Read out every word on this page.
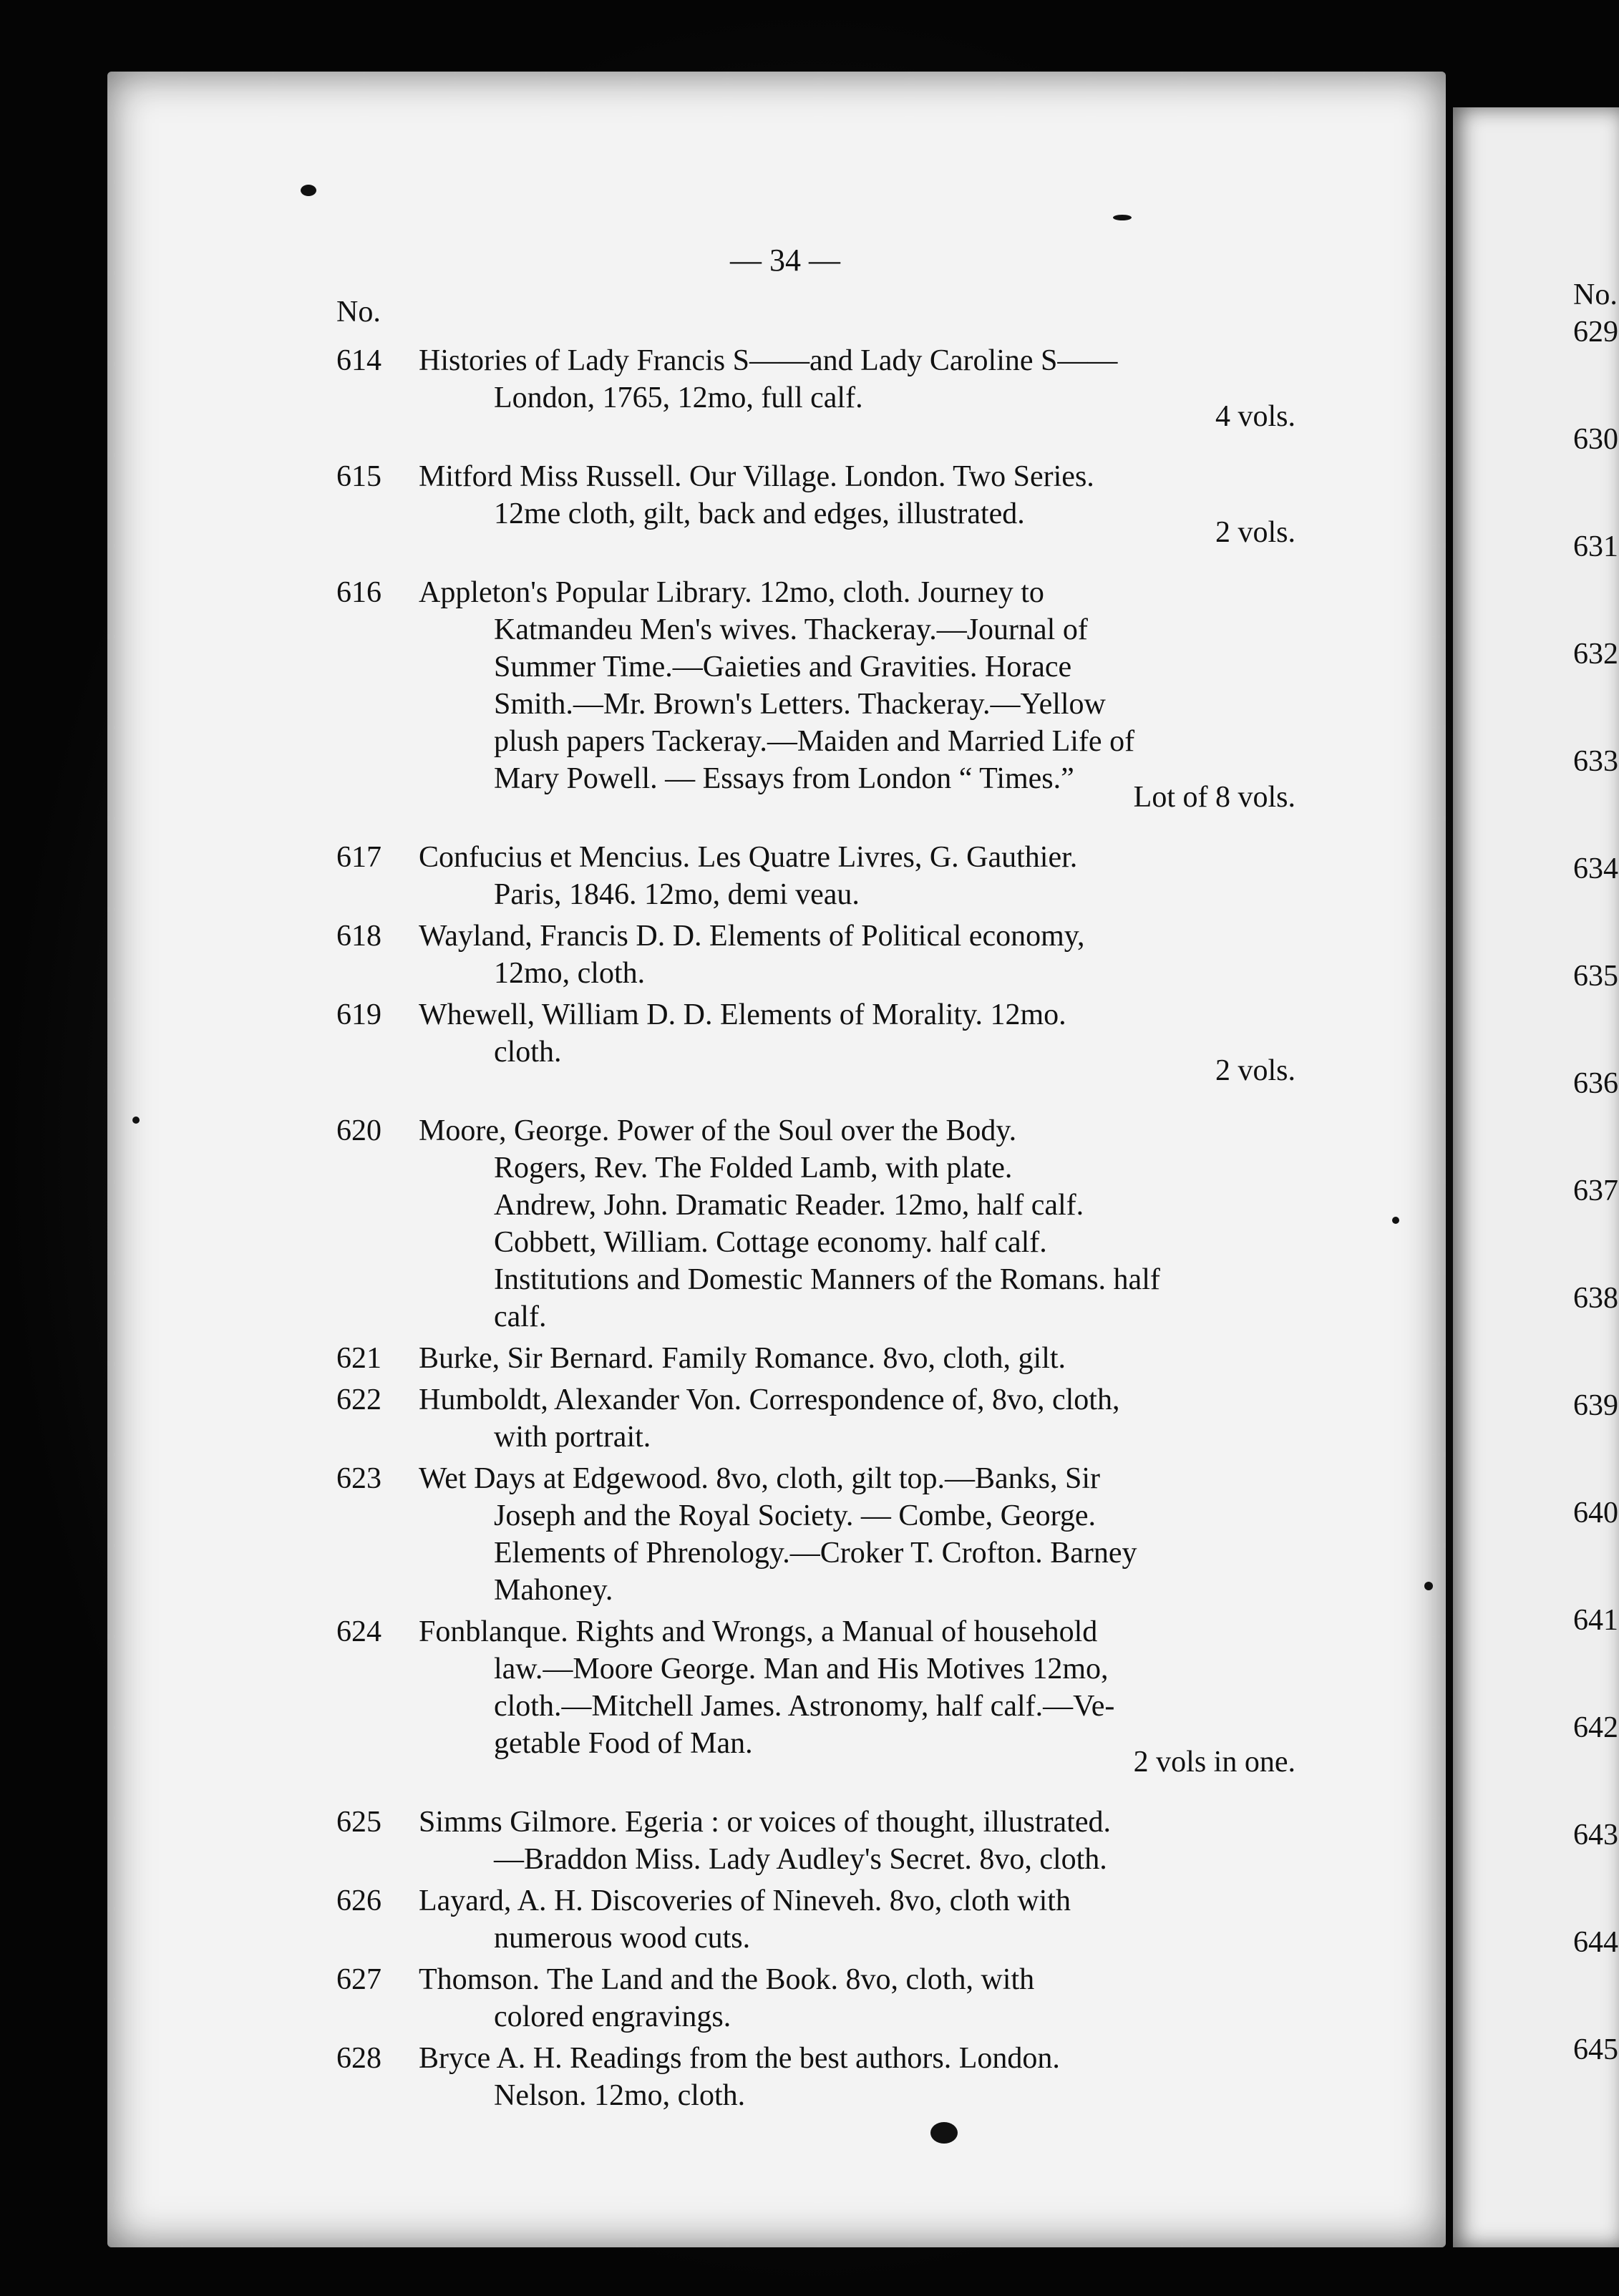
No.
629
630
631
632
633
634
635
636
637
638
639
640
641
642
643
644
645
— 34 —
No.
614 Histories of Lady Francis S——and Lady Caroline S——
London, 1765, 12mo, full calf.
4 vols.
615 Mitford Miss Russell. Our Village. London. Two Series.
12me cloth, gilt, back and edges, illustrated.
2 vols.
616 Appleton's Popular Library. 12mo, cloth. Journey to
Katmandeu Men's wives. Thackeray.—Journal of
Summer Time.—Gaieties and Gravities. Horace
Smith.—Mr. Brown's Letters. Thackeray.—Yellow
plush papers Tackeray.—Maiden and Married Life of
Mary Powell. — Essays from London “ Times.”
Lot of 8 vols.
617 Confucius et Mencius. Les Quatre Livres, G. Gauthier.
Paris, 1846. 12mo, demi veau.
618 Wayland, Francis D. D. Elements of Political economy,
12mo, cloth.
619 Whewell, William D. D. Elements of Morality. 12mo.
cloth.
2 vols.
620 Moore, George. Power of the Soul over the Body.
Rogers, Rev. The Folded Lamb, with plate.
Andrew, John. Dramatic Reader. 12mo, half calf.
Cobbett, William. Cottage economy. half calf.
Institutions and Domestic Manners of the Romans. half
calf.
621 Burke, Sir Bernard. Family Romance. 8vo, cloth, gilt.
622 Humboldt, Alexander Von. Correspondence of, 8vo, cloth,
with portrait.
623 Wet Days at Edgewood. 8vo, cloth, gilt top.—Banks, Sir
Joseph and the Royal Society. — Combe, George.
Elements of Phrenology.—Croker T. Crofton. Barney
Mahoney.
624 Fonblanque. Rights and Wrongs, a Manual of household
law.—Moore George. Man and His Motives 12mo,
cloth.—Mitchell James. Astronomy, half calf.—Ve-
getable Food of Man.
2 vols in one.
625 Simms Gilmore. Egeria : or voices of thought, illustrated.
—Braddon Miss. Lady Audley's Secret. 8vo, cloth.
626 Layard, A. H. Discoveries of Nineveh. 8vo, cloth with
numerous wood cuts.
627 Thomson. The Land and the Book. 8vo, cloth, with
colored engravings.
628 Bryce A. H. Readings from the best authors. London.
Nelson. 12mo, cloth.
